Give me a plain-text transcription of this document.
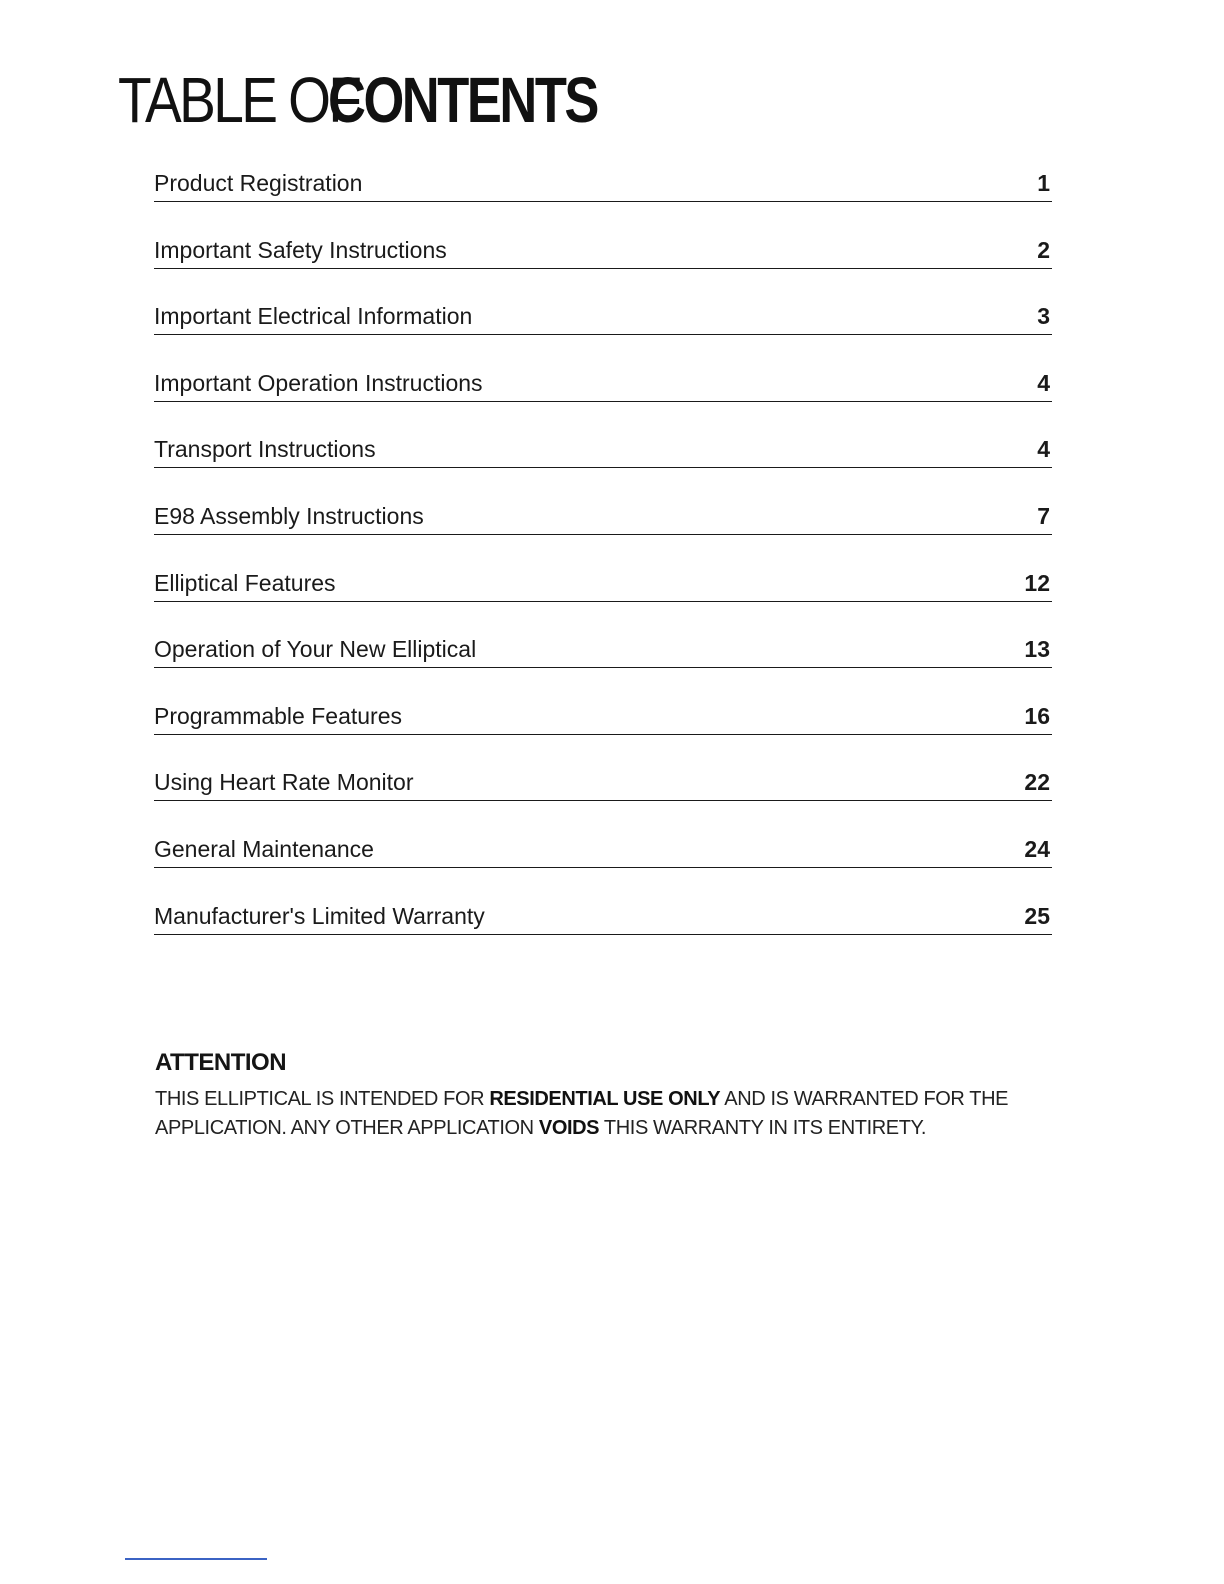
TABLE OF
CONTENTS
Product Registration	1
Important Safety Instructions	2
Important Electrical Information	3
Important Operation Instructions	4
Transport Instructions	4
E98 Assembly Instructions	7
Elliptical Features	12
Operation of Your New Elliptical	13
Programmable Features	16
Using Heart Rate Monitor	22
General Maintenance	24
Manufacturer's Limited Warranty	25
ATTENTION

THIS ELLIPTICAL IS INTENDED FOR RESIDENTIAL USE ONLY AND IS WARRANTED FOR THE APPLICATION. ANY OTHER APPLICATION VOIDS THIS WARRANTY IN ITS ENTIRETY.
